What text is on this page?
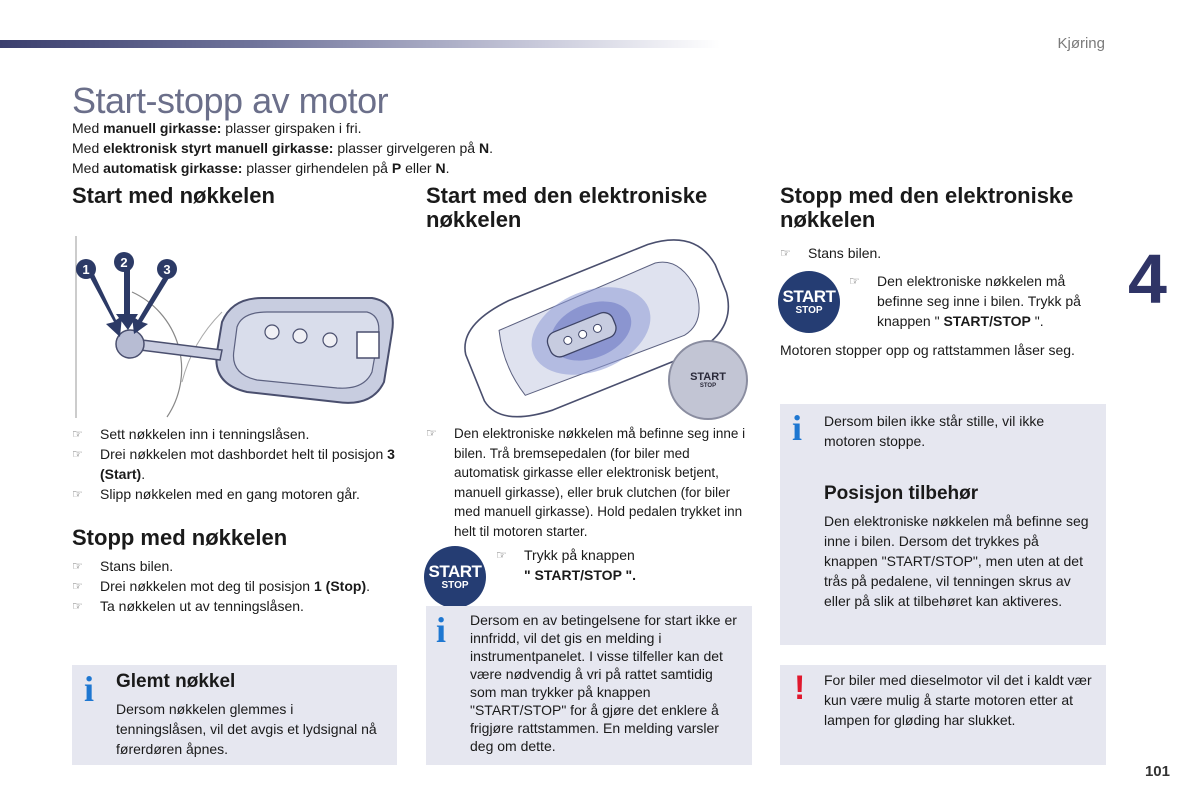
Kjøring
4
Start-stopp av motor
Med manuell girkasse: plasser girspaken i fri.
Med elektronisk styrt manuell girkasse: plasser girvelgeren på N.
Med automatisk girkasse: plasser girhendelen på P eller N.
Start med nøkkelen
1 2	3
☞ Sett nøkkelen inn i tenningslåsen.
☞ Drei nøkkelen mot dashbordet helt til posisjon 3 (Start).
☞ Slipp nøkkelen med en gang motoren går.
Stopp med nøkkelen
☞ Stans bilen.
☞ Drei nøkkelen mot deg til posisjon 1 (Stop).
☞ Ta nøkkelen ut av tenningslåsen.
i Glemt nøkkel
Dersom nøkkelen glemmes i tenningslåsen, vil det avgis et lydsignal nå førerdøren åpnes.
Start med den elektroniske nøkkelen
START
STOP
☞ Den elektroniske nøkkelen må befinne seg inne i bilen. Trå bremsepedalen (for biler med automatisk girkasse eller elektronisk betjent, manuell girkasse), eller bruk clutchen (for biler med manuell girkasse). Hold pedalen trykket inn helt til motoren starter.
START
STOP
☞ Trykk på knappen
" START/STOP ".
i Dersom en av betingelsene for start ikke er innfridd, vil det gis en melding i instrumentpanelet. I visse tilfeller kan det være nødvendig å vri på rattet samtidig som man trykker på knappen "START/STOP" for å gjøre det enklere å frigjøre rattstammen. En melding varsler deg om dette.
Stopp med den elektroniske nøkkelen
☞ Stans bilen.
START
STOP
☞ Den elektroniske nøkkelen må befinne seg inne i bilen. Trykk på knappen " START/STOP ".
Motoren stopper opp og rattstammen låser seg.
i Dersom bilen ikke står stille, vil ikke motoren stoppe.
Posisjon tilbehør
Den elektroniske nøkkelen må befinne seg inne i bilen. Dersom det trykkes på knappen "START/STOP", men uten at det trås på pedalene, vil tenningen skrus av eller på slik at tilbehøret kan aktiveres.
! For biler med dieselmotor vil det i kaldt vær kun være mulig å starte motoren etter at lampen for gløding har slukket.
101
